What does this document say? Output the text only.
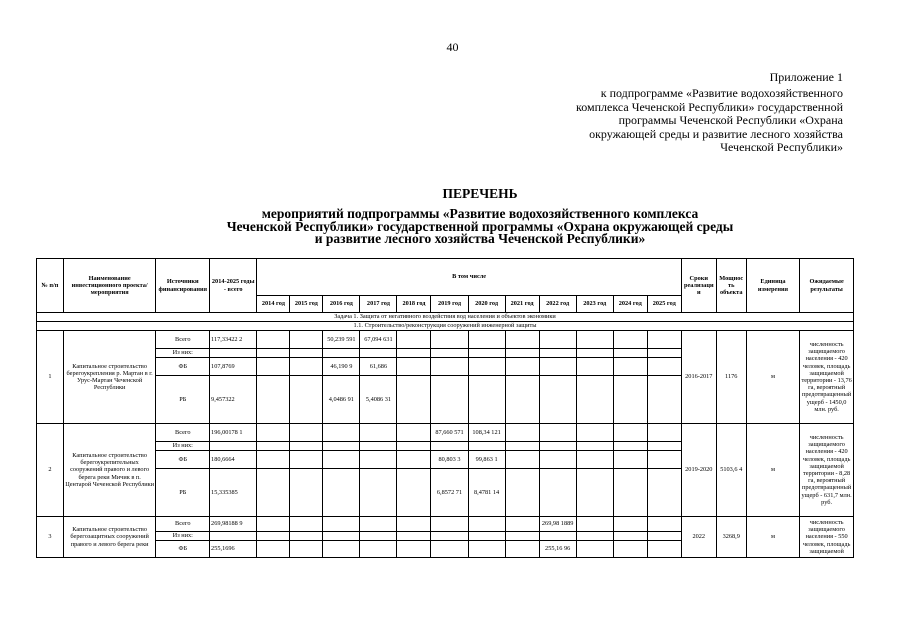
40
Приложение 1
к подпрограмме «Развитие водохозяйственного
комплекса Чеченской Республики» государственной
программы Чеченской Республики «Охрана
окружающей среды и развитие лесного хозяйства
Чеченской Республики»
ПЕРЕЧЕНЬ
мероприятий подпрограммы «Развитие водохозяйственного комплекса
Чеченской Республики» государственной программы «Охрана окружающей среды
и развитие лесного хозяйства Чеченской Республики»
№ п/п	Наименование инвестиционного проекта/мероприятия	Источники финансирования	2014-2025 годы - всего	В том числе												Сроки реализации	Мощность объекта	Единица измерения	Ожидаемые результаты
				2014 год	2015 год	2016 год	2017 год	2018 год	2019 год	2020 год	2021 год	2022 год	2023 год	2024 год	2025 год				
Задача 1. Защита от негативного воздействия вод населения и объектов экономики																			
1.1. Строительство/реконструкция сооружений инженерной защиты																			
1	Капитальное строительство берегоукрепления р. Мартан в г. Урус-Мартан Чеченской Республики	Всего	117,33422 2			50,239 591	67,094 631									2016-2017	1176	м	численность защищаемого населения - 420 человек, площадь защищаемой территории - 13,76 га, вероятный предотвращенный ущерб - 1450,0 млн. руб.
		Из них:																	
		ФБ	107,8769			46,190 9	61,686												
		РБ	9,457322			4,0486 91	5,4086 31												
2	Капитальное строительство берегоукрепительных сооружений правого и левого берега реки Мичик в п. Центарой Чеченской Республики	Всего	196,00178 1						87,660 571	108,34 121						2019-2020	5103,6 4	м	численность защищаемого населения - 420 человек, площадь защищаемой территории - 8,28 га, вероятный предотвращенный ущерб - 631,7 млн. руб.
		Из них:																	
		ФБ	180,6664						80,803 3	99,863 1									
		РБ	15,335385						6,8572 71	8,4781 14									
3	Капитальное строительство берегозащитных сооружений правого и левого берега реки	Всего	269,98188 9									269,98 1889				2022	3268,9	м	численность защищаемого населения - 550 человек, площадь защищаемой
		Из них:																	
		ФБ	255,1696									255,16 96							
